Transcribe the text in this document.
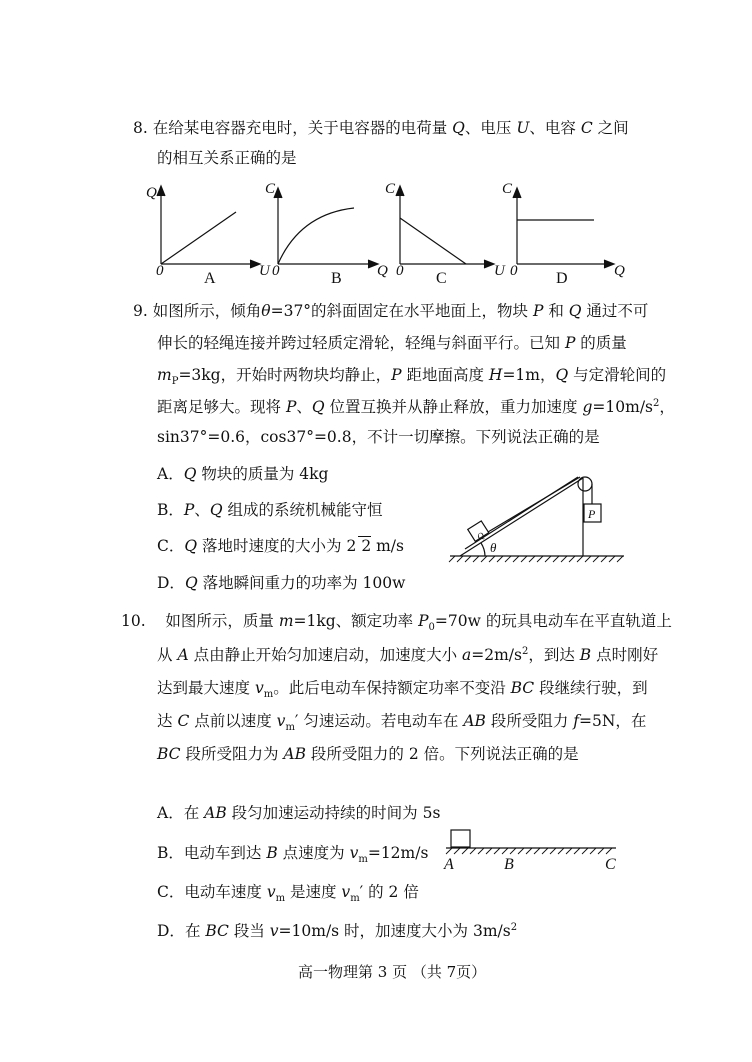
8. 在给某电容器充电时，关于电容器的电荷量 Q、电压 U、电容 C 之间
的相互关系正确的是
Q
0	A	U
C
0	B Q
C
0 C	U
C
0 D	Q
9. 如图所示，倾角θ=37°的斜面固定在水平地面上，物块 P 和 Q 通过不可
伸长的轻绳连接并跨过轻质定滑轮，轻绳与斜面平行。已知 P 的质量
$m_P=3kg$，开始时两物块均静止，P 距地面高度 H=1m，Q 与定滑轮间的
距离足够大。现将 P、Q 位置互换并从静止释放，重力加速度 $g=10m/s^2$，
sin37°=0.6，cos37°=0.8，不计一切摩擦。下列说法正确的是
A．Q 物块的质量为 4kg
B．P、Q 组成的系统机械能守恒
C．Q 落地时速度的大小为 2 2 m/s
D．Q 落地瞬间重力的功率为 100w
P
Q
θ
10. 如图所示，质量 m=1kg、额定功率 $P_0=70w$ 的玩具电动车在平直轨道上
从 A 点由静止开始匀加速启动，加速度大小 $a=2m/s^2$，到达 B 点时刚好
达到最大速度 $v_m$。此后电动车保持额定功率不变沿 BC 段继续行驶，到
达 C 点前以速度 $v_m'$ 匀速运动。若电动车在 AB 段所受阻力 f=5N，在
BC 段所受阻力为 AB 段所受阻力的 2 倍。下列说法正确的是
A．在 AB 段匀加速运动持续的时间为 5s
B．电动车到达 B 点速度为 $v_m=12m/s$
C．电动车速度 $v_m$ 是速度 $v_m'$ 的 2 倍
D．在 BC 段当 v=10m/s 时，加速度大小为 $3m/s^2$
A	B	C
高一物理第 3 页 （共 7页）
